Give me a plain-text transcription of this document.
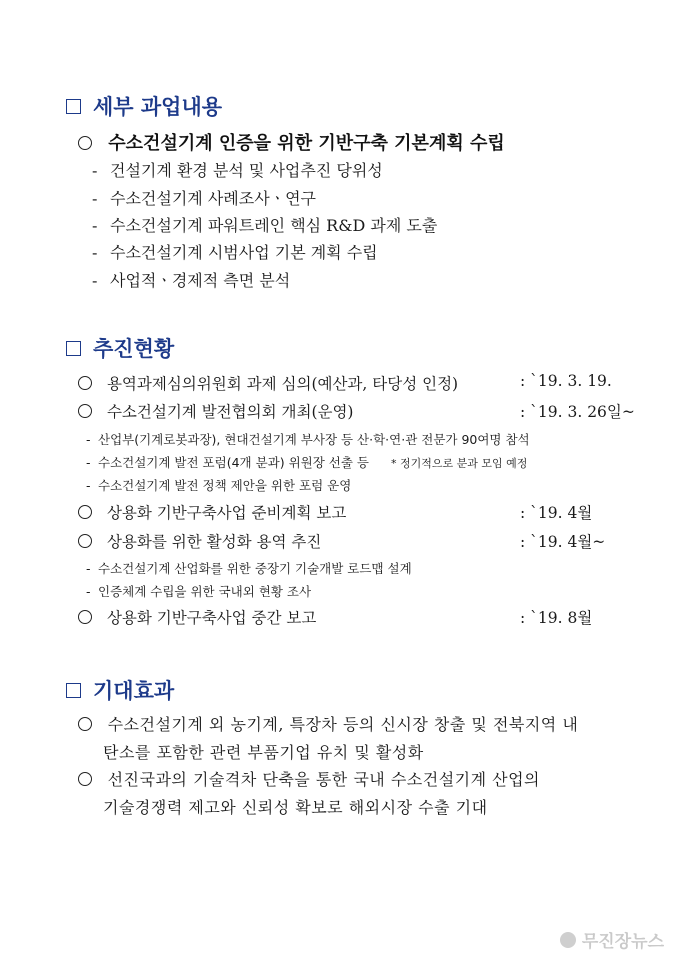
세부 과업내용
수소건설기계 인증을 위한 기반구축 기본계획 수립
- 건설기계 환경 분석 및 사업추진 당위성
- 수소건설기계 사례조사ㆍ연구
- 수소건설기계 파워트레인 핵심 R&D 과제 도출
- 수소건설기계 시범사업 기본 계획 수립
- 사업적ㆍ경제적 측면 분석
추진현황
용역과제심의위원회 과제 심의(예산과, 타당성 인정)	: `19. 3. 19.
수소건설기계 발전협의회 개최(운영)	: `19. 3. 26일~
- 산업부(기계로봇과장), 현대건설기계 부사장 등 산·학·연·관 전문가 90여명 참석
- 수소건설기계 발전 포럼(4개 분과) 위원장 선출 등 * 정기적으로 분과 모임 예정
- 수소건설기계 발전 정책 제안을 위한 포럼 운영
상용화 기반구축사업 준비계획 보고	: `19. 4월
상용화를 위한 활성화 용역 추진	: `19. 4월~
- 수소건설기계 산업화를 위한 중장기 기술개발 로드맵 설계
- 인증체계 수립을 위한 국내외 현황 조사
상용화 기반구축사업 중간 보고	: `19. 8월
기대효과
수소건설기계 외 농기계, 특장차 등의 신시장 창출 및 전북지역 내
탄소를 포함한 관련 부품기업 유치 및 활성화
선진국과의 기술격차 단축을 통한 국내 수소건설기계 산업의
기술경쟁력 제고와 신뢰성 확보로 해외시장 수출 기대
무진장뉴스
